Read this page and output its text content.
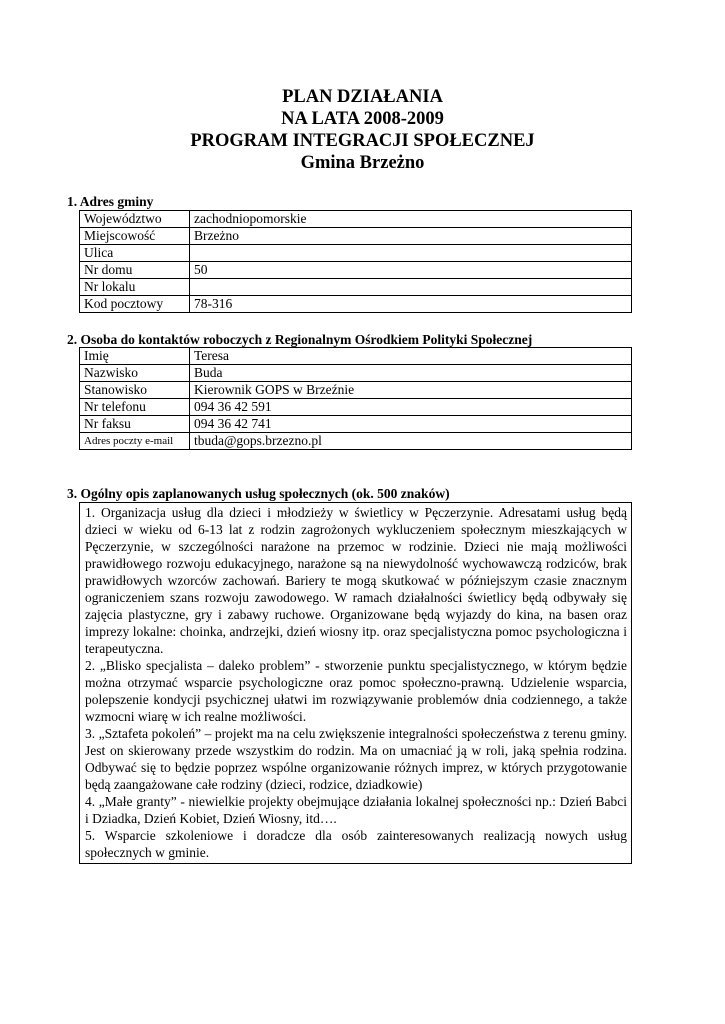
PLAN DZIAŁANIA

NA LATA 2008-2009

PROGRAM INTEGRACJI SPOŁECZNEJ

Gmina Brzeżno

1. Adres gminy
Województwo	zachodniopomorskie
Miejscowość	Brzeżno
Ulica	
Nr domu	50
Nr lokalu	
Kod pocztowy	78-316
2. Osoba do kontaktów roboczych z Regionalnym Ośrodkiem Polityki Społecznej
Imię	Teresa
Nazwisko	Buda
Stanowisko	Kierownik GOPS w Brzeźnie
Nr telefonu	094 36 42 591
Nr faksu	094 36 42 741
Adres poczty e-mail	tbuda@gops.brzezno.pl
3. Ogólny opis zaplanowanych usług społecznych (ok. 500 znaków)

1. Organizacja usług dla dzieci i młodzieży w świetlicy w Pęczerzynie. Adresatami usług będą dzieci w wieku od 6-13 lat z rodzin zagrożonych wykluczeniem społecznym mieszkających w Pęczerzynie, w szczególności narażone na przemoc w rodzinie. Dzieci nie mają możliwości prawidłowego rozwoju edukacyjnego, narażone są na niewydolność wychowawczą rodziców, brak prawidłowych wzorców zachowań. Bariery te mogą skutkować w późniejszym czasie znacznym ograniczeniem szans rozwoju zawodowego. W ramach działalności świetlicy będą odbywały się zajęcia plastyczne, gry i zabawy ruchowe. Organizowane będą wyjazdy do kina, na basen oraz imprezy lokalne: choinka, andrzejki, dzień wiosny itp. oraz specjalistyczna pomoc psychologiczna i terapeutyczna.

2. „Blisko specjalista – daleko problem” - stworzenie punktu specjalistycznego, w którym będzie można otrzymać wsparcie psychologiczne oraz pomoc społeczno-prawną. Udzielenie wsparcia, polepszenie kondycji psychicznej ułatwi im rozwiązywanie problemów dnia codziennego, a także wzmocni wiarę w ich realne możliwości.

3. „Sztafeta pokoleń” – projekt ma na celu zwiększenie integralności społeczeństwa z terenu gminy. Jest on skierowany przede wszystkim do rodzin. Ma on umacniać ją w roli, jaką spełnia rodzina. Odbywać się to będzie poprzez wspólne organizowanie różnych imprez, w których przygotowanie będą zaangażowane całe rodziny (dzieci, rodzice, dziadkowie)

4. „Małe granty” - niewielkie projekty obejmujące działania lokalnej społeczności np.: Dzień Babci i Dziadka, Dzień Kobiet, Dzień Wiosny, itd….

5. Wsparcie szkoleniowe i doradcze dla osób zainteresowanych realizacją nowych usług społecznych w gminie.
